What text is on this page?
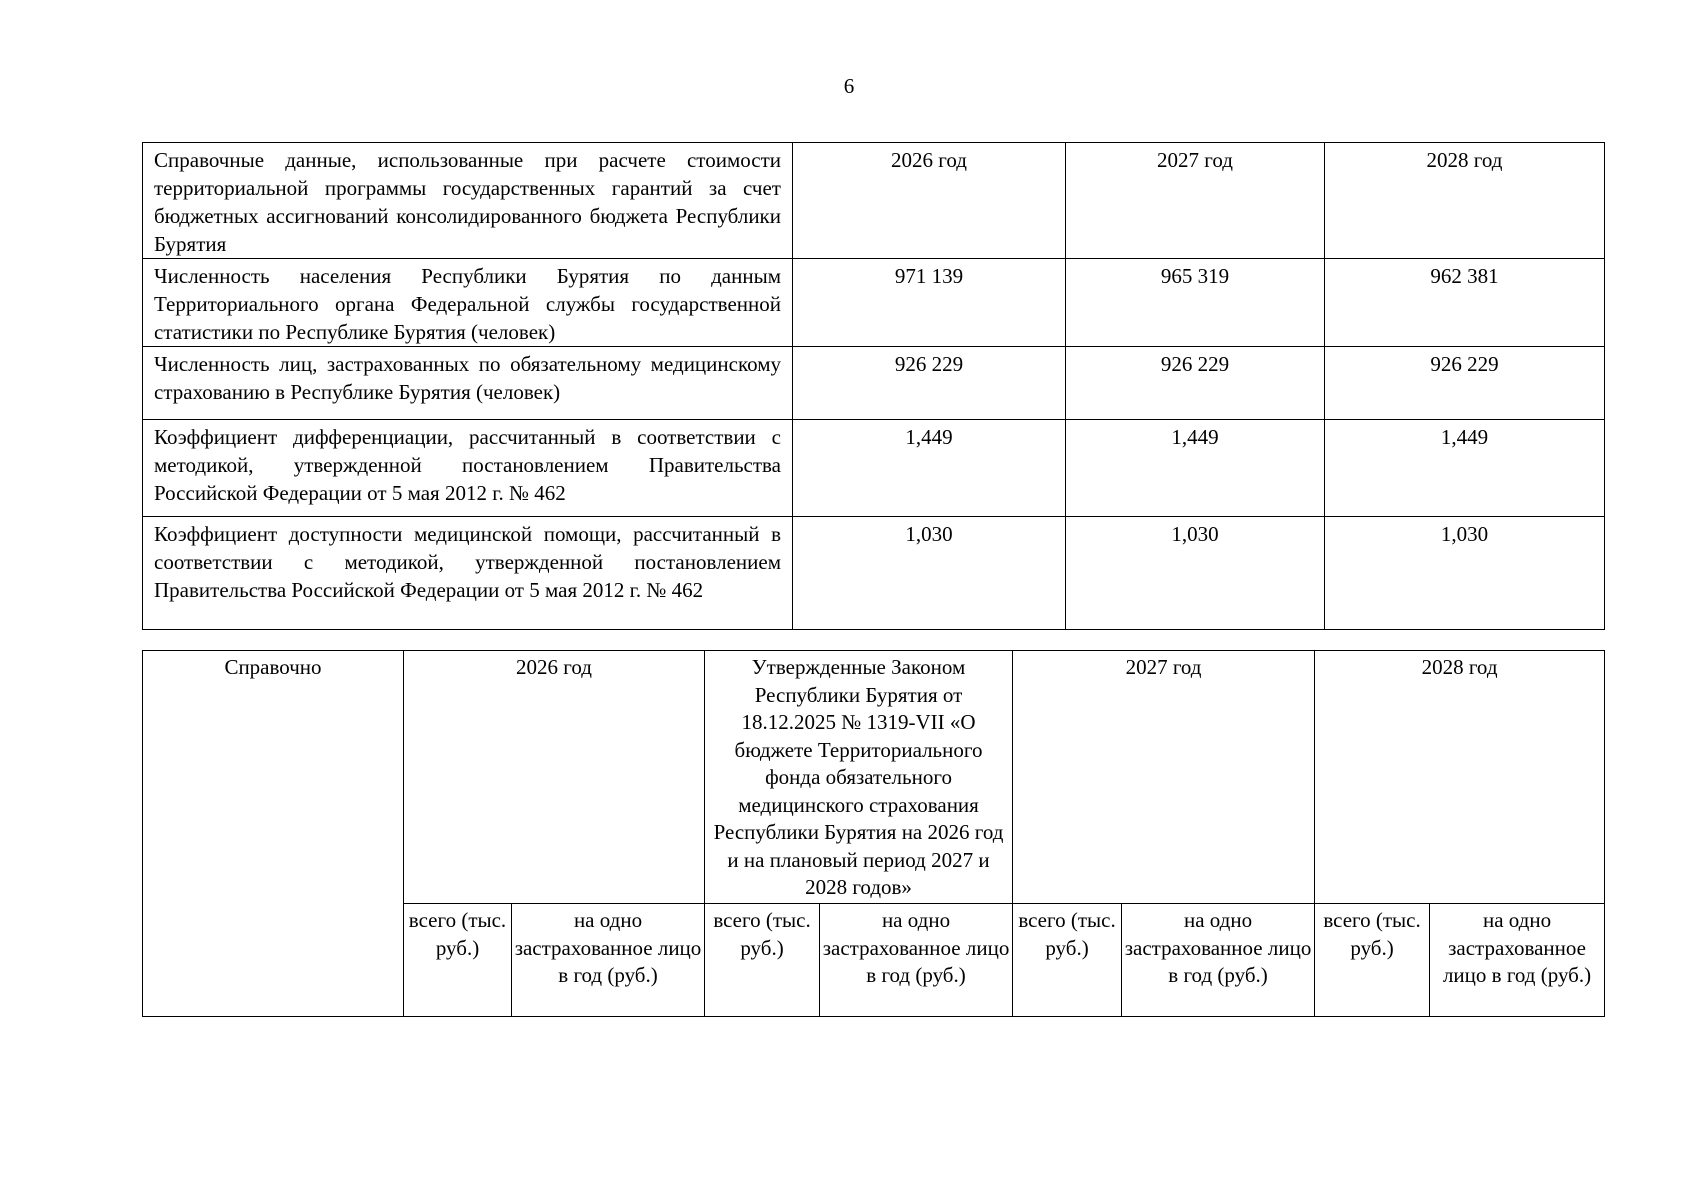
6
Справочные данные, использованные при расчете стоимости территориальной программы государственных гарантий за счет бюджетных ассигнований консолидированного бюджета Республики Бурятия	2026 год	2027 год	2028 год
Численность населения Республики Бурятия по данным Территориального органа Федеральной службы государственной статистики по Республике Бурятия (человек)	971 139	965 319	962 381
Численность лиц, застрахованных по обязательному медицинскому страхованию в Республике Бурятия (человек)	926 229	926 229	926 229
Коэффициент дифференциации, рассчитанный в соответствии с методикой, утвержденной постановлением Правительства Российской Федерации от 5 мая 2012 г. № 462	1,449	1,449	1,449
Коэффициент доступности медицинской помощи, рассчитанный в соответствии с методикой, утвержденной постановлением Правительства Российской Федерации от 5 мая 2012 г. № 462	1,030	1,030	1,030
Справочно	2026 год		Утвержденные Законом Республики Бурятия от 18.12.2025 № 1319-VII «О бюджете Территориального фонда обязательного медицинского страхования Республики Бурятия на 2026 год и на плановый период 2027 и 2028 годов»		2027 год		2028 год	
	всего (тыс. руб.)	на одно застрахованное лицо в год (руб.)	всего (тыс. руб.)	на одно застрахованное лицо в год (руб.)	всего (тыс. руб.)	на одно застрахованное лицо в год (руб.)	всего (тыс. руб.)	на одно застрахованное лицо в год (руб.)
